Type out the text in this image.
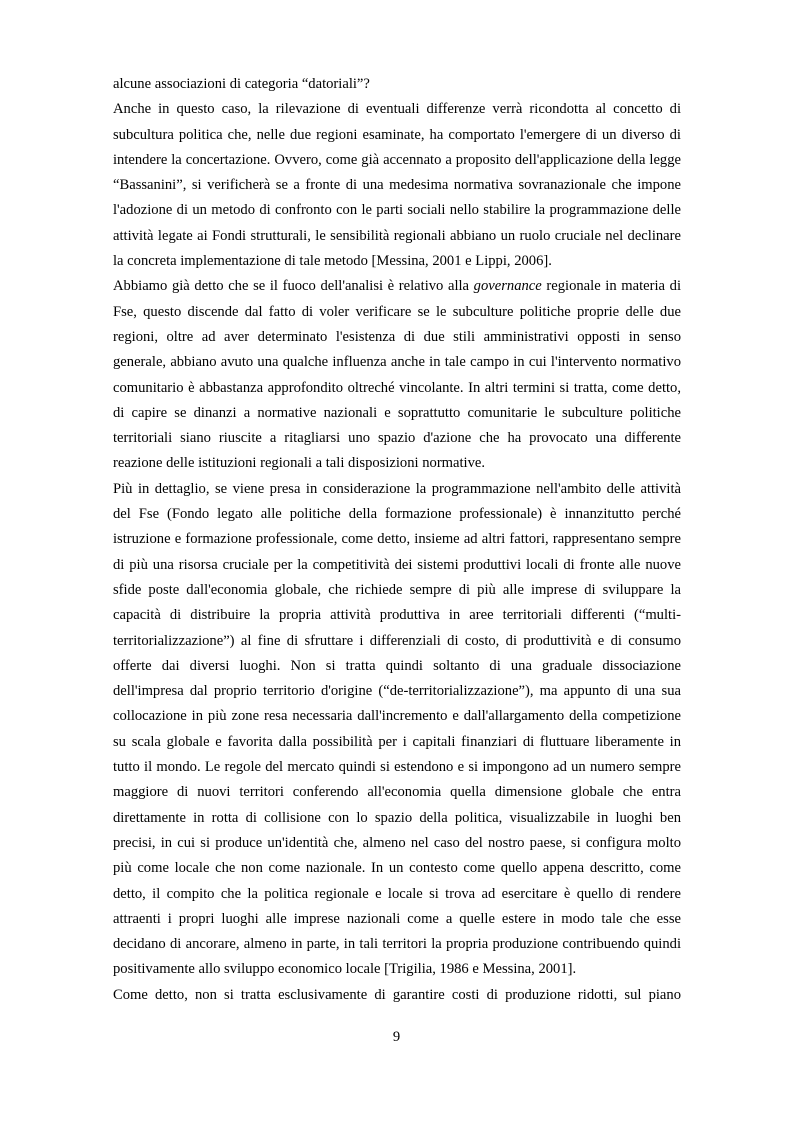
alcune associazioni di categoria “datoriali”?
Anche in questo caso, la rilevazione di eventuali differenze verrà ricondotta al concetto di
subcultura politica che, nelle due regioni esaminate, ha comportato l'emergere di un diverso di
intendere la concertazione. Ovvero, come già accennato a proposito dell'applicazione della legge
“Bassanini”, si verificherà se a fronte di una medesima normativa sovranazionale che impone
l'adozione di un metodo di confronto con le parti sociali nello stabilire la programmazione delle
attività legate ai Fondi strutturali, le sensibilità regionali abbiano un ruolo cruciale nel declinare
la concreta implementazione di tale metodo [Messina, 2001 e Lippi, 2006].
Abbiamo già detto che se il fuoco dell'analisi è relativo alla governance regionale in materia di
Fse, questo discende dal fatto di voler verificare se le subculture politiche proprie delle due
regioni, oltre ad aver determinato l'esistenza di due stili amministrativi opposti in senso
generale, abbiano avuto una qualche influenza anche in tale campo in cui l'intervento normativo
comunitario è abbastanza approfondito oltreché vincolante. In altri termini si tratta, come detto,
di capire se dinanzi a normative nazionali e soprattutto comunitarie le subculture politiche
territoriali siano riuscite a ritagliarsi uno spazio d'azione che ha provocato una differente
reazione delle istituzioni regionali a tali disposizioni normative.
Più in dettaglio, se viene presa in considerazione la programmazione nell'ambito delle attività
del Fse (Fondo legato alle politiche della formazione professionale) è innanzitutto perché
istruzione e formazione professionale, come detto, insieme ad altri fattori, rappresentano sempre
di più una risorsa cruciale per la competitività dei sistemi produttivi locali di fronte alle nuove
sfide poste dall'economia globale, che richiede sempre di più alle imprese di sviluppare la
capacità di distribuire la propria attività produttiva in aree territoriali differenti (“multi-
territorializzazione”) al fine di sfruttare i differenziali di costo, di produttività e di consumo
offerte dai diversi luoghi. Non si tratta quindi soltanto di una graduale dissociazione
dell'impresa dal proprio territorio d'origine (“de-territorializzazione”), ma appunto di una sua
collocazione in più zone resa necessaria dall'incremento e dall'allargamento della competizione
su scala globale e favorita dalla possibilità per i capitali finanziari di fluttuare liberamente in
tutto il mondo. Le regole del mercato quindi si estendono e si impongono ad un numero sempre
maggiore di nuovi territori conferendo all'economia quella dimensione globale che entra
direttamente in rotta di collisione con lo spazio della politica, visualizzabile in luoghi ben
precisi, in cui si produce un'identità che, almeno nel caso del nostro paese, si configura molto
più come locale che non come nazionale. In un contesto come quello appena descritto, come
detto, il compito che la politica regionale e locale si trova ad esercitare è quello di rendere
attraenti i propri luoghi alle imprese nazionali come a quelle estere in modo tale che esse
decidano di ancorare, almeno in parte, in tali territori la propria produzione contribuendo quindi
positivamente allo sviluppo economico locale [Trigilia, 1986 e Messina, 2001].
Come detto, non si tratta esclusivamente di garantire costi di produzione ridotti, sul piano
9
